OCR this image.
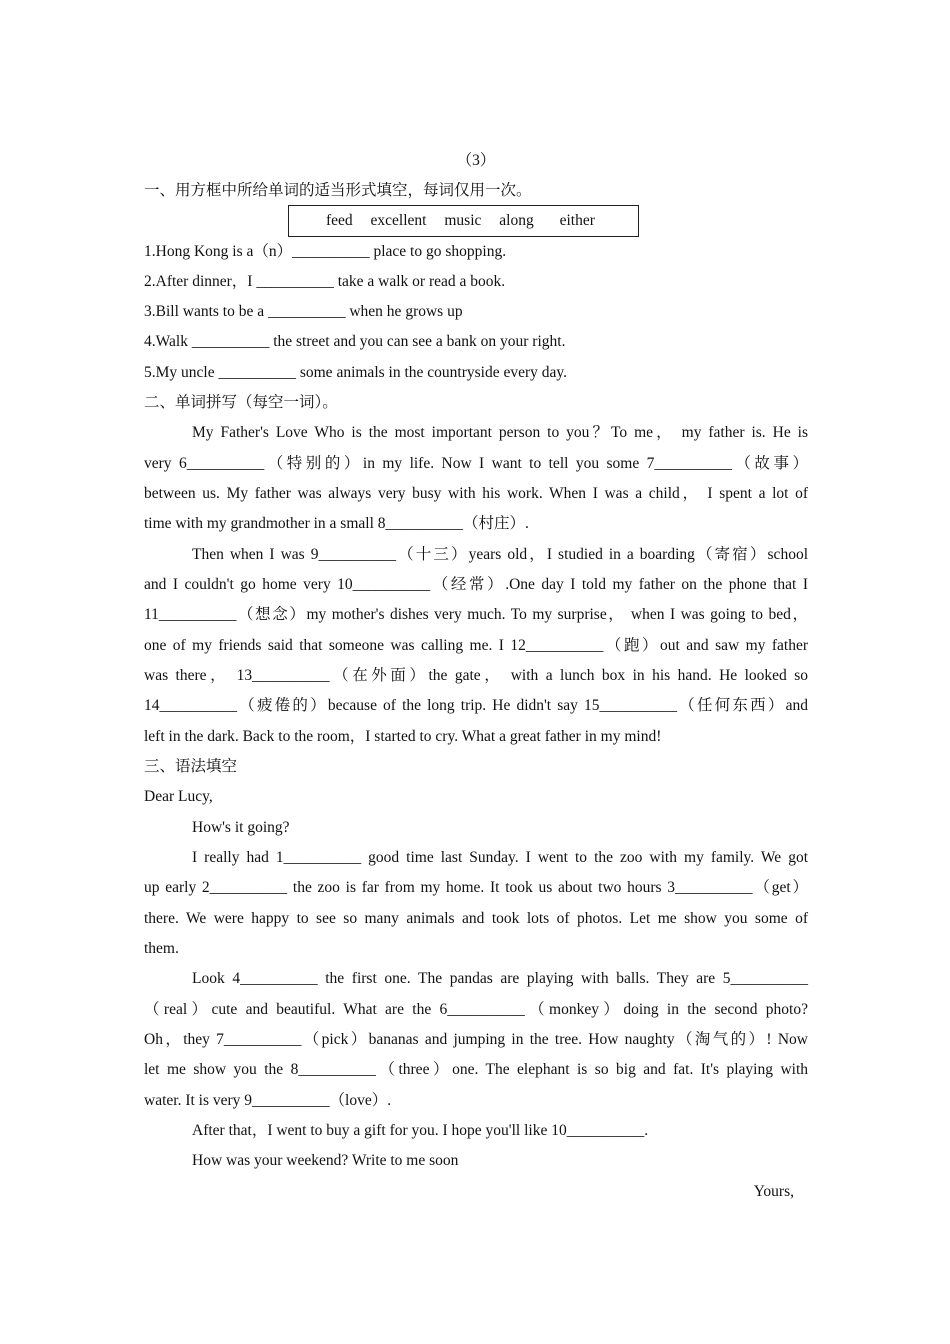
（3）
一、用方框中所给单词的适当形式填空，每词仅用一次。
feed excellent music along either
1.Hong Kong is a（n）__________ place to go shopping.
2.After dinner，I __________ take a walk or read a book.
3.Bill wants to be a __________ when he grows up
4.Walk __________ the street and you can see a bank on your right.
5.My uncle __________ some animals in the countryside every day.
二、单词拼写（每空一词）。
My Father's Love Who is the most important person to you？To me， my father is. He is
very 6__________（特别的）in my life. Now I want to tell you some 7__________（故事）
between us. My father was always very busy with his work. When I was a child， I spent a lot of
time with my grandmother in a small 8__________（村庄）.
Then when I was 9__________（十三）years old，I studied in a boarding（寄宿）school
and I couldn't go home very 10__________（经常）.One day I told my father on the phone that I
11__________（想念）my mother's dishes very much. To my surprise， when I was going to bed，
one of my friends said that someone was calling me. I 12__________（跑）out and saw my father
was there， 13__________（在外面）the gate， with a lunch box in his hand. He looked so
14__________（疲倦的）because of the long trip. He didn't say 15__________（任何东西）and
left in the dark. Back to the room，I started to cry. What a great father in my mind!
三、语法填空
Dear Lucy,
How's it going?
I really had 1__________ good time last Sunday. I went to the zoo with my family. We got
up early 2__________ the zoo is far from my home. It took us about two hours 3__________（get）
there. We were happy to see so many animals and took lots of photos. Let me show you some of
them.
Look 4__________ the first one. The pandas are playing with balls. They are 5__________
（real）cute and beautiful. What are the 6__________（monkey）doing in the second photo?
Oh，they 7__________（pick）bananas and jumping in the tree. How naughty（淘气的）! Now
let me show you the 8__________（three）one. The elephant is so big and fat. It's playing with
water. It is very 9__________（love）.
After that，I went to buy a gift for you. I hope you'll like 10__________.
How was your weekend? Write to me soon
Yours,
